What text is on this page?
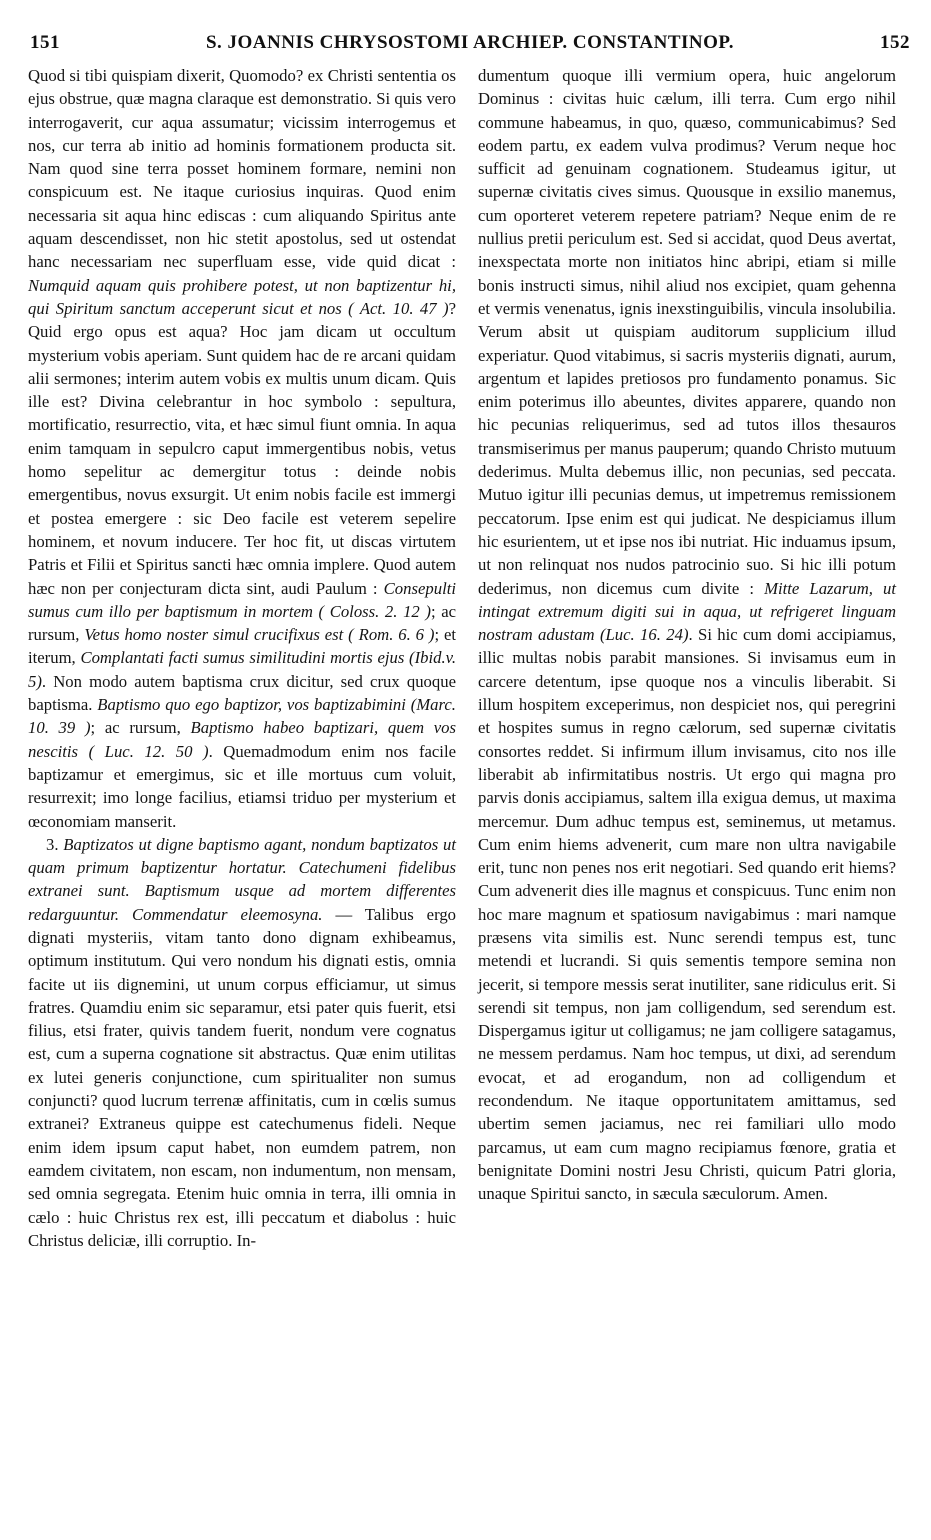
151	S. JOANNIS CHRYSOSTOMI ARCHIEP. CONSTANTINOP.	152

Quod si tibi quispiam dixerit, Quomodo? ex Christi sententia os ejus obstrue, quæ magna claraque est demonstratio. Si quis vero interrogaverit, cur aqua assumatur; vicissim interrogemus et nos, cur terra ab initio ad hominis formationem producta sit. Nam quod sine terra posset hominem formare, nemini non conspicuum est. Ne itaque curiosius inquiras. Quod enim necessaria sit aqua hinc ediscas : cum aliquando Spiritus ante aquam descendisset, non hic stetit apostolus, sed ut ostendat hanc necessariam nec superfluam esse, vide quid dicat : Numquid aquam quis prohibere potest, ut non baptizentur hi, qui Spiritum sanctum acceperunt sicut et nos ( Act. 10. 47 )? Quid ergo opus est aqua? Hoc jam dicam ut occultum mysterium vobis aperiam. Sunt quidem hac de re arcani quidam alii sermones; interim autem vobis ex multis unum dicam. Quis ille est? Divina celebrantur in hoc symbolo : sepultura, mortificatio, resurrectio, vita, et hæc simul fiunt omnia. In aqua enim tamquam in sepulcro caput immergentibus nobis, vetus homo sepelitur ac demergitur totus : deinde nobis emergentibus, novus exsurgit. Ut enim nobis facile est immergi et postea emergere : sic Deo facile est veterem sepelire hominem, et novum inducere. Ter hoc fit, ut discas virtutem Patris et Filii et Spiritus sancti hæc omnia implere. Quod autem hæc non per conjecturam dicta sint, audi Paulum : Consepulti sumus cum illo per baptismum in mortem ( Coloss. 2. 12 ); ac rursum, Vetus homo noster simul crucifixus est ( Rom. 6. 6 ); et iterum, Complantati facti sumus similitudini mortis ejus (Ibid.v. 5). Non modo autem baptisma crux dicitur, sed crux quoque baptisma. Baptismo quo ego baptizor, vos baptizabimini (Marc. 10. 39 ); ac rursum, Baptismo habeo baptizari, quem vos nescitis ( Luc. 12. 50 ). Quemadmodum enim nos facile baptizamur et emergimus, sic et ille mortuus cum voluit, resurrexit; imo longe facilius, etiamsi triduo per mysterium et œconomiam manserit.

3. Baptizatos ut digne baptismo agant, nondum baptizatos ut quam primum baptizentur hortatur. Catechumeni fidelibus extranei sunt. Baptismum usque ad mortem differentes redarguuntur. Commendatur eleemosyna. — Talibus ergo dignati mysteriis, vitam tanto dono dignam exhibeamus, optimum institutum. Qui vero nondum his dignati estis, omnia facite ut iis dignemini, ut unum corpus efficiamur, ut simus fratres. Quamdiu enim sic separamur, etsi pater quis fuerit, etsi filius, etsi frater, quivis tandem fuerit, nondum vere cognatus est, cum a superna cognatione sit abstractus. Quæ enim utilitas ex lutei generis conjunctione, cum spiritualiter non sumus conjuncti? quod lucrum terrenæ affinitatis, cum in cœlis sumus extranei? Extraneus quippe est catechumenus fideli. Neque enim idem ipsum caput habet, non eumdem patrem, non eamdem civitatem, non escam, non indumentum, non mensam, sed omnia segregata. Etenim huic omnia in terra, illi omnia in cælo : huic Christus rex est, illi peccatum et diabolus : huic Christus deliciæ, illi corruptio. In-

dumentum quoque illi vermium opera, huic angelorum Dominus : civitas huic cælum, illi terra. Cum ergo nihil commune habeamus, in quo, quæso, communicabimus? Sed eodem partu, ex eadem vulva prodimus? Verum neque hoc sufficit ad genuinam cognationem. Studeamus igitur, ut supernæ civitatis cives simus. Quousque in exsilio manemus, cum oporteret veterem repetere patriam? Neque enim de re nullius pretii periculum est. Sed si accidat, quod Deus avertat, inexspectata morte non initiatos hinc abripi, etiam si mille bonis instructi simus, nihil aliud nos excipiet, quam gehenna et vermis venenatus, ignis inexstinguibilis, vincula insolubilia. Verum absit ut quispiam auditorum supplicium illud experiatur. Quod vitabimus, si sacris mysteriis dignati, aurum, argentum et lapides pretiosos pro fundamento ponamus. Sic enim poterimus illo abeuntes, divites apparere, quando non hic pecunias reliquerimus, sed ad tutos illos thesauros transmiserimus per manus pauperum; quando Christo mutuum dederimus. Multa debemus illic, non pecunias, sed peccata. Mutuo igitur illi pecunias demus, ut impetremus remissionem peccatorum. Ipse enim est qui judicat. Ne despiciamus illum hic esurientem, ut et ipse nos ibi nutriat. Hic induamus ipsum, ut non relinquat nos nudos patrocinio suo. Si hic illi potum dederimus, non dicemus cum divite : Mitte Lazarum, ut intingat extremum digiti sui in aqua, ut refrigeret linguam nostram adustam (Luc. 16. 24). Si hic cum domi accipiamus, illic multas nobis parabit mansiones. Si invisamus eum in carcere detentum, ipse quoque nos a vinculis liberabit. Si illum hospitem exceperimus, non despiciet nos, qui peregrini et hospites sumus in regno cælorum, sed supernæ civitatis consortes reddet. Si infirmum illum invisamus, cito nos ille liberabit ab infirmitatibus nostris. Ut ergo qui magna pro parvis donis accipiamus, saltem illa exigua demus, ut maxima mercemur. Dum adhuc tempus est, seminemus, ut metamus. Cum enim hiems advenerit, cum mare non ultra navigabile erit, tunc non penes nos erit negotiari. Sed quando erit hiems? Cum advenerit dies ille magnus et conspicuus. Tunc enim non hoc mare magnum et spatiosum navigabimus : mari namque præsens vita similis est. Nunc serendi tempus est, tunc metendi et lucrandi. Si quis sementis tempore semina non jecerit, si tempore messis serat inutiliter, sane ridiculus erit. Si serendi sit tempus, non jam colligendum, sed serendum est. Dispergamus igitur ut colligamus; ne jam colligere satagamus, ne messem perdamus. Nam hoc tempus, ut dixi, ad serendum evocat, et ad erogandum, non ad colligendum et recondendum. Ne itaque opportunitatem amittamus, sed ubertim semen jaciamus, nec rei familiari ullo modo parcamus, ut eam cum magno recipiamus fœnore, gratia et benignitate Domini nostri Jesu Christi, quicum Patri gloria, unaque Spiritui sancto, in sæcula sæculorum. Amen.
